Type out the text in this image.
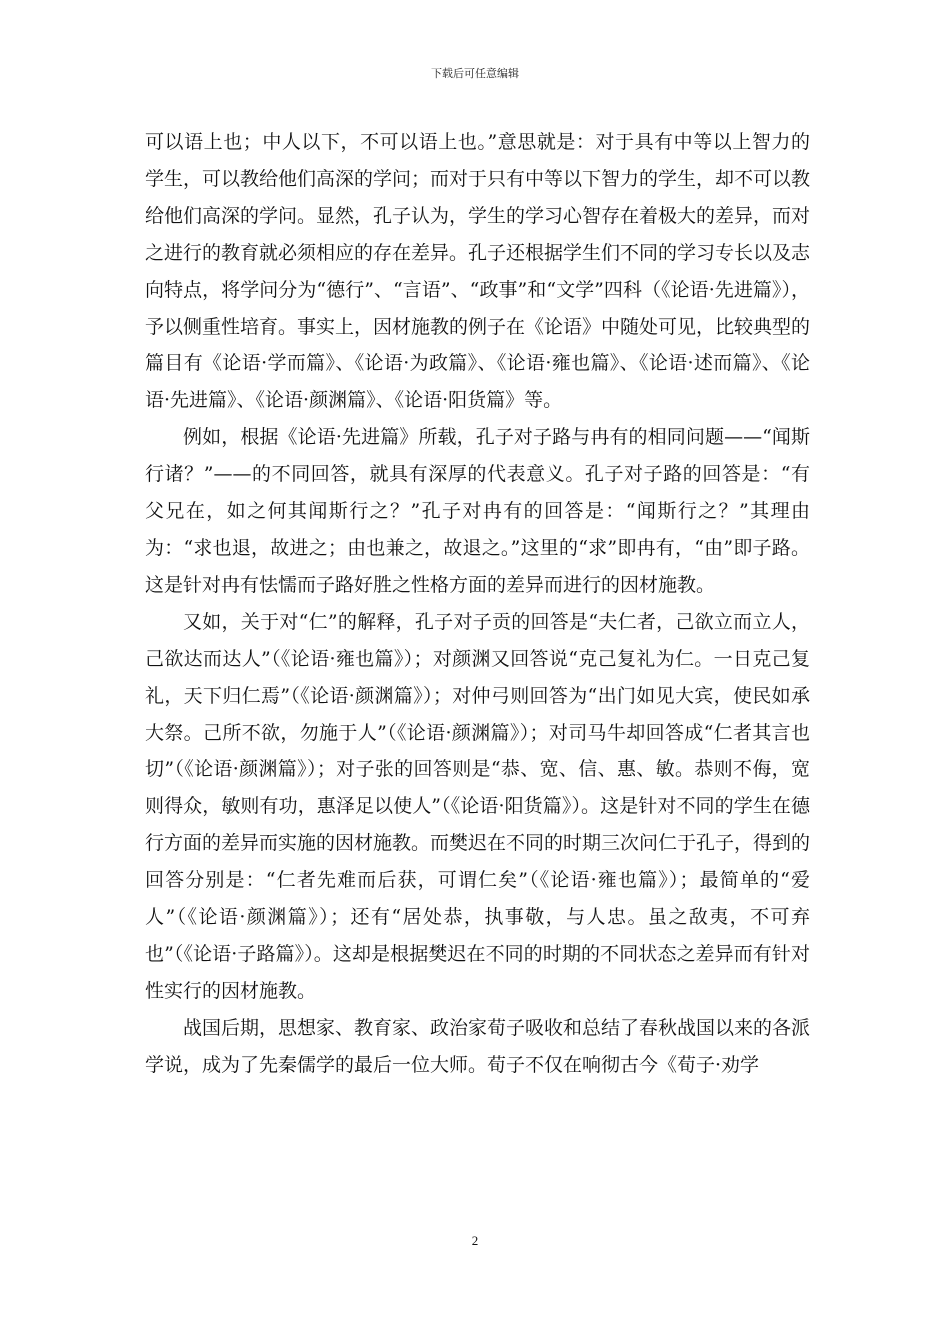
下载后可任意编辑

可以语上也；中人以下，不可以语上也。”意思就是：对于具有中等以上智力的学生，可以教给他们高深的学问；而对于只有中等以下智力的学生，却不可以教给他们高深的学问。显然，孔子认为，学生的学习心智存在着极大的差异，而对之进行的教育就必须相应的存在差异。孔子还根据学生们不同的学习专长以及志向特点，将学问分为“德行”、“言语”、“政事”和“文学”四科（《论语·先进篇》），予以侧重性培育。事实上，因材施教的例子在《论语》中随处可见，比较典型的篇目有《论语·学而篇》、《论语·为政篇》、《论语·雍也篇》、《论语·述而篇》、《论语·先进篇》、《论语·颜渊篇》、《论语·阳货篇》等。

例如，根据《论语·先进篇》所载，孔子对子路与冉有的相同问题——“闻斯行诸？”——的不同回答，就具有深厚的代表意义。孔子对子路的回答是：“有父兄在，如之何其闻斯行之？”孔子对冉有的回答是：“闻斯行之？”其理由为：“求也退，故进之；由也兼之，故退之。”这里的“求”即冉有，“由”即子路。这是针对冉有怯懦而子路好胜之性格方面的差异而进行的因材施教。

又如，关于对“仁”的解释，孔子对子贡的回答是“夫仁者，己欲立而立人，己欲达而达人”（《论语·雍也篇》）；对颜渊又回答说“克己复礼为仁。一日克己复礼，天下归仁焉”（《论语·颜渊篇》）；对仲弓则回答为“出门如见大宾，使民如承大祭。己所不欲，勿施于人”（《论语·颜渊篇》）；对司马牛却回答成“仁者其言也切”（《论语·颜渊篇》）；对子张的回答则是“恭、宽、信、惠、敏。恭则不侮，宽则得众，敏则有功，惠泽足以使人”（《论语·阳货篇》）。这是针对不同的学生在德行方面的差异而实施的因材施教。而樊迟在不同的时期三次问仁于孔子，得到的回答分别是：“仁者先难而后获，可谓仁矣”（《论语·雍也篇》）；最简单的“爱人”（《论语·颜渊篇》）；还有“居处恭，执事敬，与人忠。虽之敌夷，不可弃也”（《论语·子路篇》）。这却是根据樊迟在不同的时期的不同状态之差异而有针对性实行的因材施教。

战国后期，思想家、教育家、政治家荀子吸收和总结了春秋战国以来的各派学说，成为了先秦儒学的最后一位大师。荀子不仅在响彻古今《荀子·劝学

2
